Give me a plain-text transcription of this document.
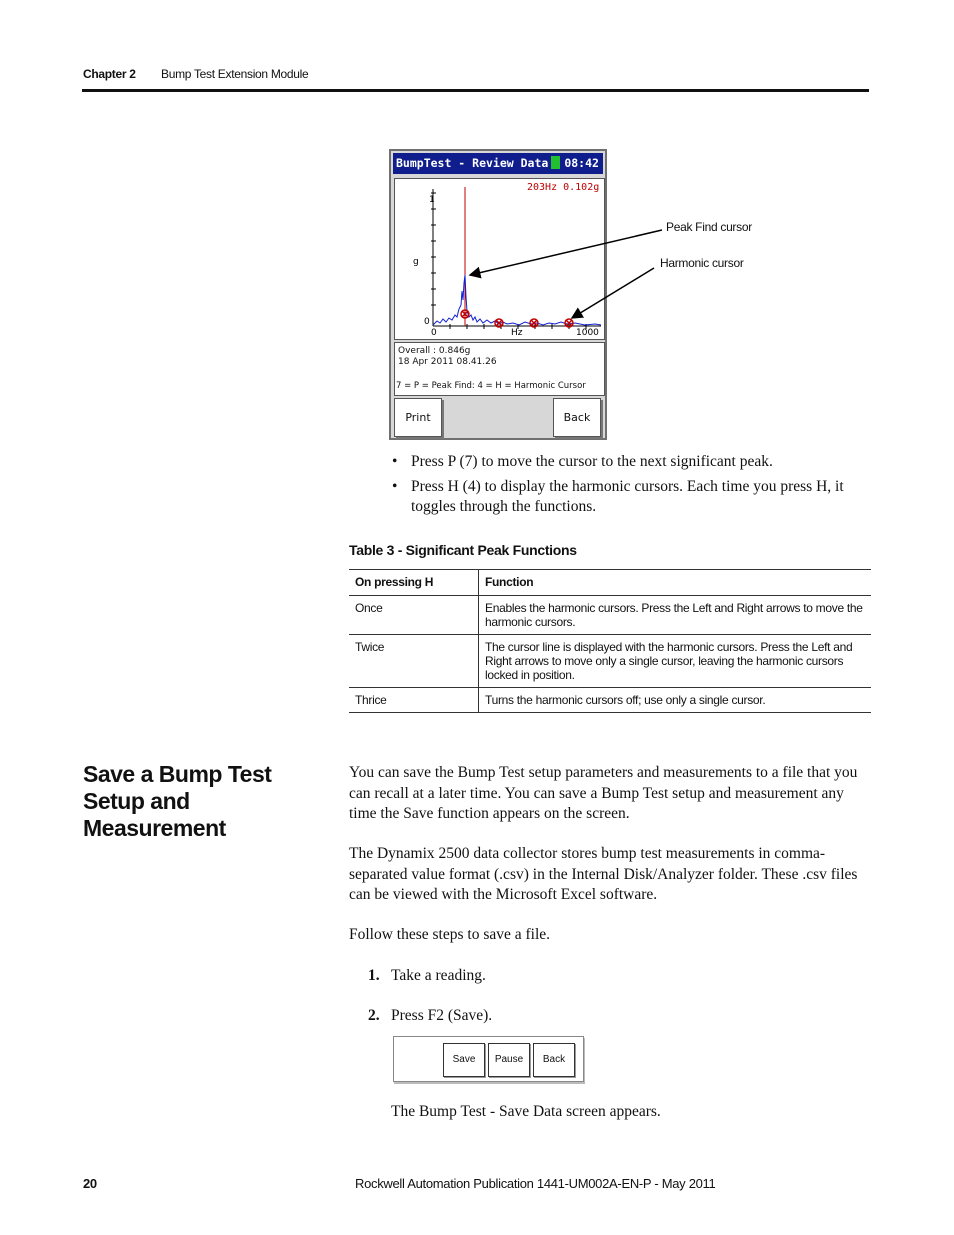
Chapter 2 Bump Test Extension Module
BumpTest - Review Data 08:42
203Hz 0.102g
1
g
0
0	Hz	1000
Overall : 0.846g
18 Apr 2011 08.41.26
7 = P = Peak Find: 4 = H = Harmonic Cursor
Print	Back
Peak Find cursor
Harmonic cursor
• Press P (7) to move the cursor to the next significant peak.
• Press H (4) to display the harmonic cursors. Each time you press H, it toggles through the functions.
Table 3 - Significant Peak Functions
On pressing H	Function
Once	Enables the harmonic cursors. Press the Left and Right arrows to move the harmonic cursors.
Twice	The cursor line is displayed with the harmonic cursors. Press the Left and Right arrows to move only a single cursor, leaving the harmonic cursors locked in position.
Thrice	Turns the harmonic cursors off; use only a single cursor.
Save a Bump Test Setup and Measurement
You can save the Bump Test setup parameters and measurements to a file that you can recall at a later time. You can save a Bump Test setup and measurement any time the Save function appears on the screen.
The Dynamix 2500 data collector stores bump test measurements in comma-separated value format (.csv) in the Internal Disk/Analyzer folder. These .csv files can be viewed with the Microsoft Excel software.
Follow these steps to save a file.
1. Take a reading.
2. Press F2 (Save).
Save	Pause	Back
The Bump Test - Save Data screen appears.
20	Rockwell Automation Publication 1441-UM002A-EN-P - May 2011
